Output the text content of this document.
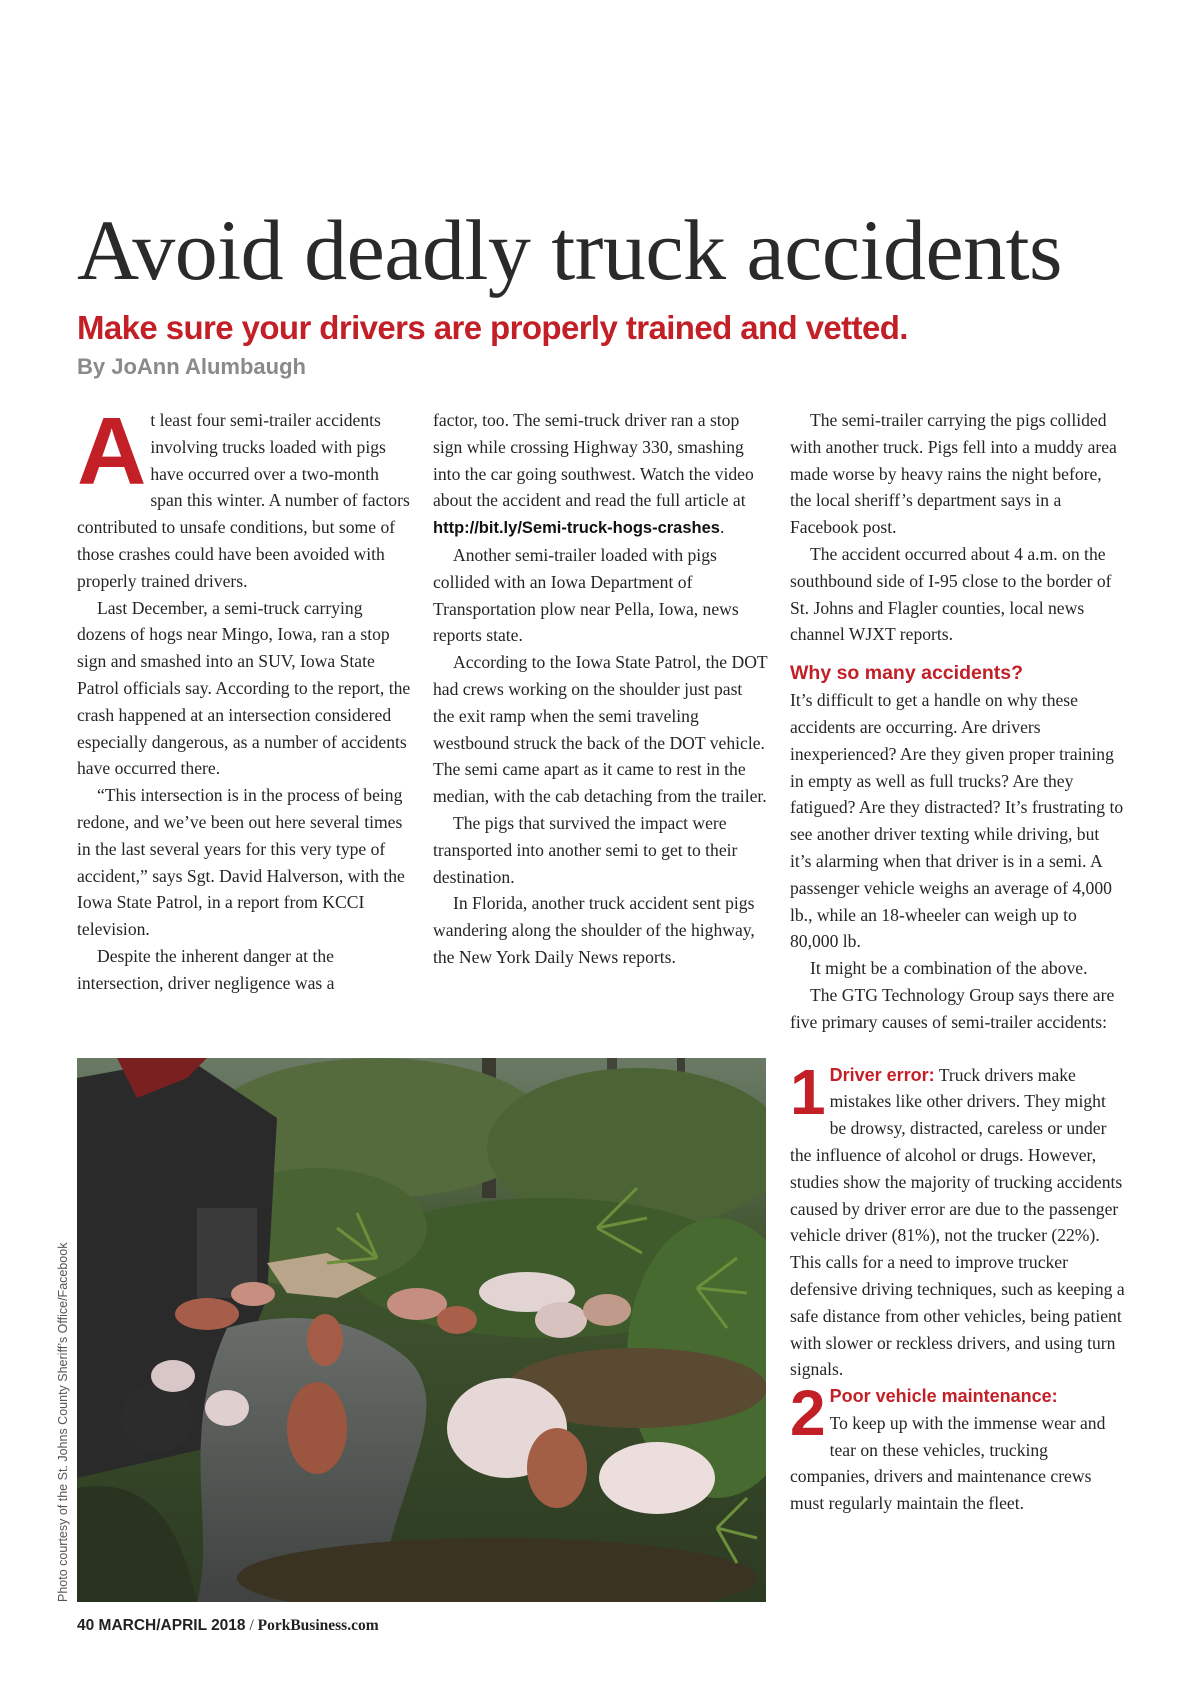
Avoid deadly truck accidents
Make sure your drivers are properly trained and vetted.
By JoAnn Alumbaugh

At least four semi-trailer accidents involving trucks loaded with pigs have occurred over a two-month span this winter. A number of factors contributed to unsafe conditions, but some of those crashes could have been avoided with properly trained drivers.

Last December, a semi-truck carrying dozens of hogs near Mingo, Iowa, ran a stop sign and smashed into an SUV, Iowa State Patrol officials say. According to the report, the crash happened at an intersection considered especially dangerous, as a number of accidents have occurred there.

“This intersection is in the process of being redone, and we’ve been out here several times in the last several years for this very type of accident,” says Sgt. David Halverson, with the Iowa State Patrol, in a report from KCCI television.

Despite the inherent danger at the intersection, driver negligence was a

factor, too. The semi-truck driver ran a stop sign while crossing Highway 330, smashing into the car going southwest. Watch the video about the accident and read the full article at http://bit.ly/Semi-truck-hogs-crashes.

Another semi-trailer loaded with pigs collided with an Iowa Department of Transportation plow near Pella, Iowa, news reports state.

According to the Iowa State Patrol, the DOT had crews working on the shoulder just past the exit ramp when the semi traveling westbound struck the back of the DOT vehicle. The semi came apart as it came to rest in the median, with the cab detaching from the trailer.

The pigs that survived the impact were transported into another semi to get to their destination.

In Florida, another truck accident sent pigs wandering along the shoulder of the highway, the New York Daily News reports.

The semi-trailer carrying the pigs collided with another truck. Pigs fell into a muddy area made worse by heavy rains the night before, the local sheriff’s department says in a Facebook post.

The accident occurred about 4 a.m. on the southbound side of I-95 close to the border of St. Johns and Flagler counties, local news channel WJXT reports.

Why so many accidents?

It’s difficult to get a handle on why these accidents are occurring. Are drivers inexperienced? Are they given proper training in empty as well as full trucks? Are they fatigued? Are they distracted? It’s frustrating to see another driver texting while driving, but it’s alarming when that driver is in a semi. A passenger vehicle weighs an average of 4,000 lb., while an 18-wheeler can weigh up to 80,000 lb.

It might be a combination of the above.

The GTG Technology Group says there are five primary causes of semi-trailer accidents:

1 Driver error: Truck drivers make mistakes like other drivers. They might be drowsy, distracted, careless or under the influence of alcohol or drugs. However, studies show the majority of trucking accidents caused by driver error are due to the passenger vehicle driver (81%), not the trucker (22%). This calls for a need to improve trucker defensive driving techniques, such as keeping a safe distance from other vehicles, being patient with slower or reckless drivers, and using turn signals.

2 Poor vehicle maintenance:
To keep up with the immense wear and tear on these vehicles, trucking companies, drivers and maintenance crews must regularly maintain the fleet.

Photo courtesy of the St. Johns County Sheriff’s Office/Facebook
40 MARCH/APRIL 2018 / PorkBusiness.com
